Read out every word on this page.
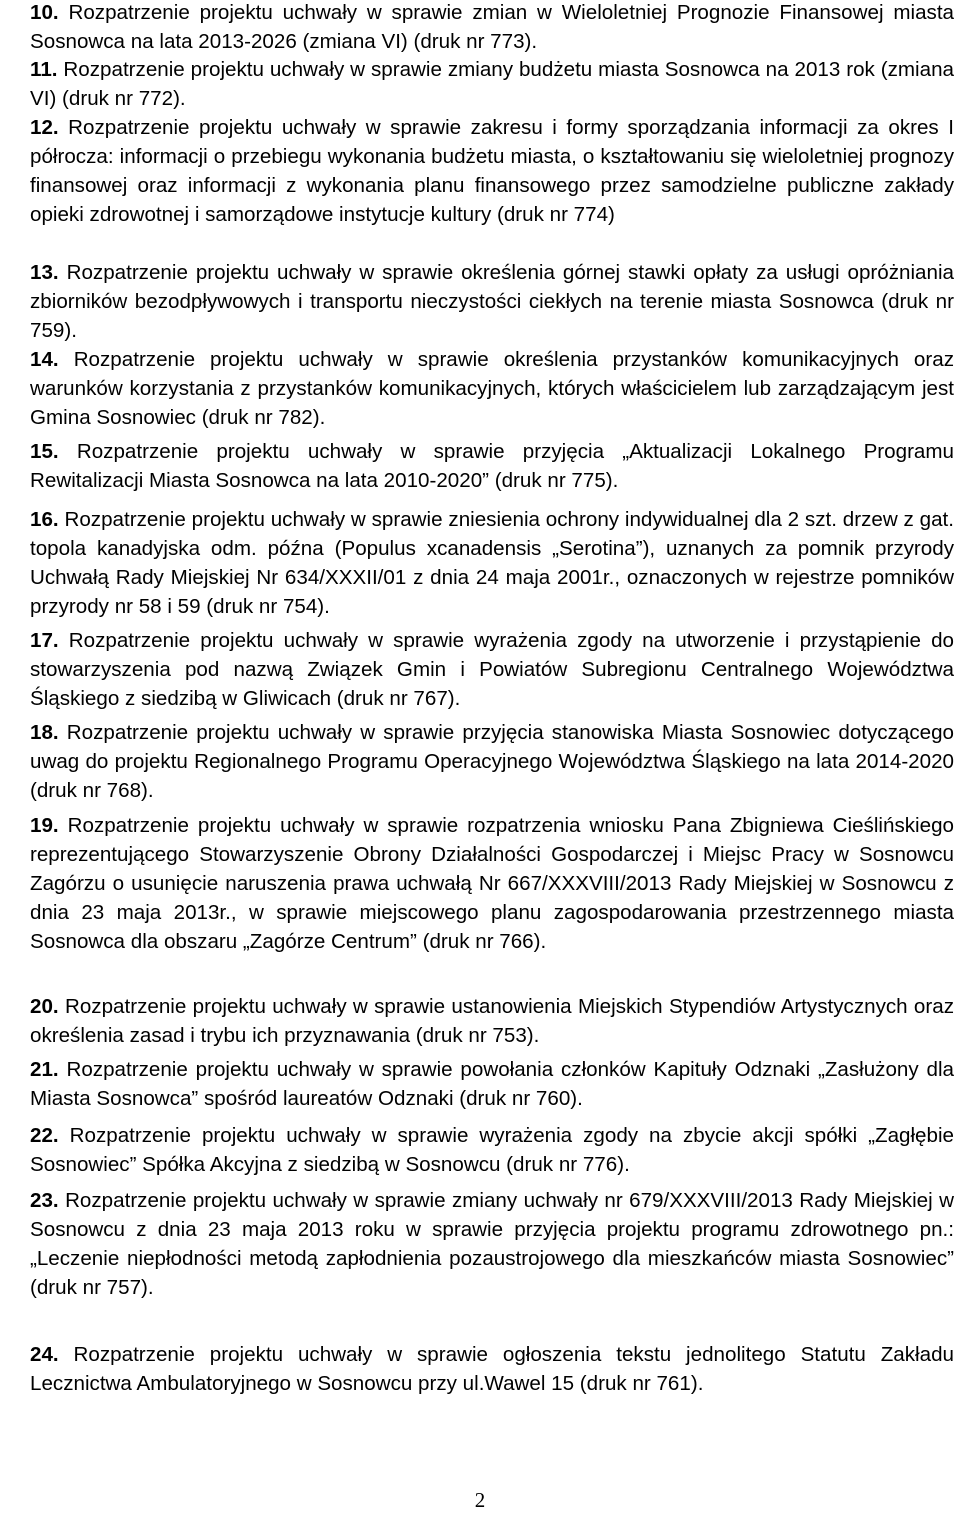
10. Rozpatrzenie projektu uchwały w sprawie zmian w Wieloletniej Prognozie Finansowej miasta Sosnowca na lata 2013-2026 (zmiana VI) (druk nr 773).

11. Rozpatrzenie projektu uchwały w sprawie zmiany budżetu miasta Sosnowca na 2013 rok (zmiana VI) (druk nr 772).

12. Rozpatrzenie projektu uchwały w sprawie zakresu i formy sporządzania informacji za okres I półrocza: informacji o przebiegu wykonania budżetu miasta, o kształtowaniu się wieloletniej prognozy finansowej oraz informacji z wykonania planu finansowego przez samodzielne publiczne zakłady opieki zdrowotnej i samorządowe instytucje kultury (druk nr 774)

13. Rozpatrzenie projektu uchwały w sprawie określenia górnej stawki opłaty za usługi opróżniania zbiorników bezodpływowych i transportu nieczystości ciekłych na terenie miasta Sosnowca (druk nr 759).

14. Rozpatrzenie projektu uchwały w sprawie określenia przystanków komunikacyjnych oraz warunków korzystania z przystanków komunikacyjnych, których właścicielem lub zarządzającym jest Gmina Sosnowiec (druk nr 782).

15. Rozpatrzenie projektu uchwały w sprawie przyjęcia „Aktualizacji Lokalnego Programu Rewitalizacji Miasta Sosnowca na lata 2010-2020” (druk nr 775).

16. Rozpatrzenie projektu uchwały w sprawie zniesienia ochrony indywidualnej dla 2 szt. drzew z gat. topola kanadyjska odm. późna (Populus xcanadensis „Serotina”), uznanych za pomnik przyrody Uchwałą Rady Miejskiej Nr 634/XXXII/01 z dnia 24 maja 2001r., oznaczonych w rejestrze pomników przyrody nr 58 i 59 (druk nr 754).

17. Rozpatrzenie projektu uchwały w sprawie wyrażenia zgody na utworzenie i przystąpienie do stowarzyszenia pod nazwą Związek Gmin i Powiatów Subregionu Centralnego Województwa Śląskiego z siedzibą w Gliwicach (druk nr 767).

18. Rozpatrzenie projektu uchwały w sprawie przyjęcia stanowiska Miasta Sosnowiec dotyczącego uwag do projektu Regionalnego Programu Operacyjnego Województwa Śląskiego na lata 2014-2020 (druk nr 768).

19. Rozpatrzenie projektu uchwały w sprawie rozpatrzenia wniosku Pana Zbigniewa Cieślińskiego reprezentującego Stowarzyszenie Obrony Działalności Gospodarczej i Miejsc Pracy w Sosnowcu Zagórzu o usunięcie naruszenia prawa uchwałą Nr 667/XXXVIII/2013 Rady Miejskiej w Sosnowcu z dnia 23 maja 2013r., w sprawie miejscowego planu zagospodarowania przestrzennego miasta Sosnowca dla obszaru „Zagórze Centrum” (druk nr 766).

20. Rozpatrzenie projektu uchwały w sprawie ustanowienia Miejskich Stypendiów Artystycznych oraz określenia zasad i trybu ich przyznawania (druk nr 753).

21. Rozpatrzenie projektu uchwały w sprawie powołania członków Kapituły Odznaki „Zasłużony dla Miasta Sosnowca” spośród laureatów Odznaki (druk nr 760).

22. Rozpatrzenie projektu uchwały w sprawie wyrażenia zgody na zbycie akcji spółki „Zagłębie Sosnowiec” Spółka Akcyjna z siedzibą w Sosnowcu (druk nr 776).

23. Rozpatrzenie projektu uchwały w sprawie zmiany uchwały nr 679/XXXVIII/2013 Rady Miejskiej w Sosnowcu z dnia 23 maja 2013 roku w sprawie przyjęcia projektu programu zdrowotnego pn.: „Leczenie niepłodności metodą zapłodnienia pozaustrojowego dla mieszkańców miasta Sosnowiec” (druk nr 757).

24. Rozpatrzenie projektu uchwały w sprawie ogłoszenia tekstu jednolitego Statutu Zakładu Lecznictwa Ambulatoryjnego w Sosnowcu przy ul.Wawel 15 (druk nr 761).

2
